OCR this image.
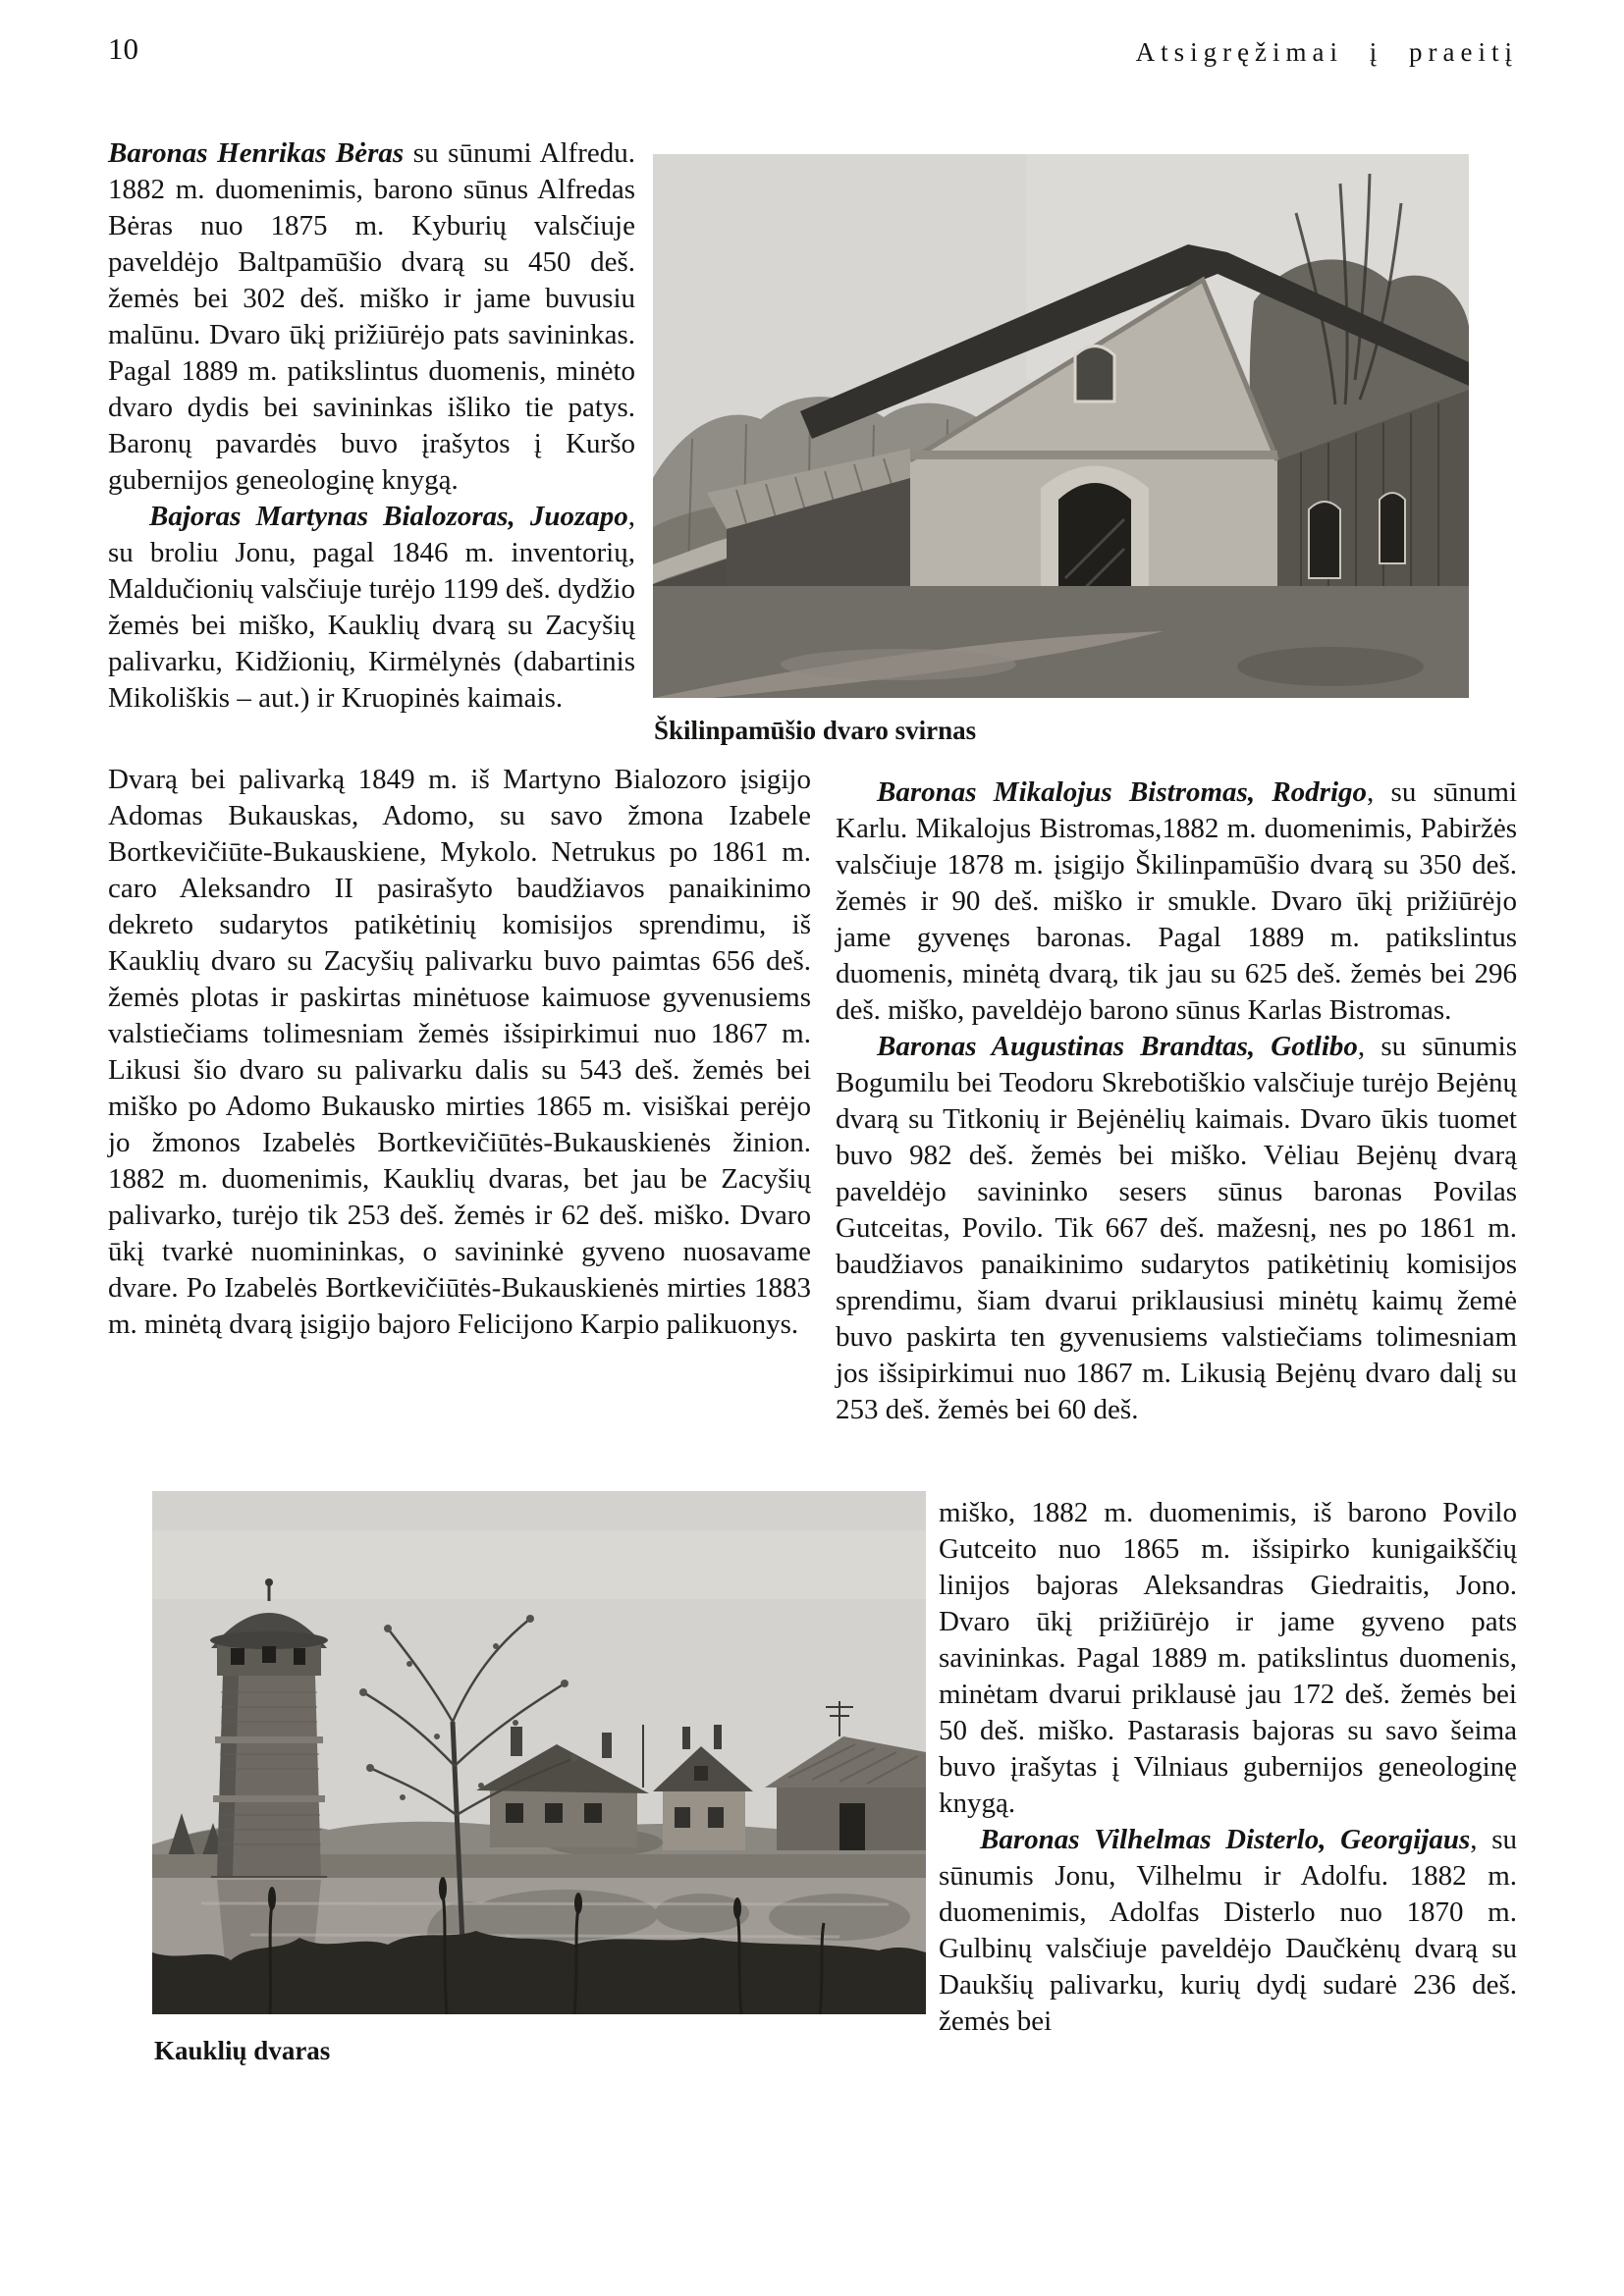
10	Atsigręžimai į praeitį
Škilinpamūšio dvaro svirnas

Baronas Henrikas Bėras su sūnumi Alfredu. 1882 m. duomenimis, barono sūnus Alfredas Bėras nuo 1875 m. Kyburių valsčiuje paveldėjo Baltpamūšio dvarą su 450 deš. žemės bei 302 deš. miško ir jame buvusiu malūnu. Dvaro ūkį prižiūrėjo pats savininkas. Pagal 1889 m. patikslintus duomenis, minėto dvaro dydis bei savininkas išliko tie patys. Baronų pavardės buvo įrašytos į Kuršo gubernijos geneologinę knygą.

Bajoras Martynas Bialozoras, Juozapo, su broliu Jonu, pagal 1846 m. inventorių, Maldučionių valsčiuje turėjo 1199 deš. dydžio žemės bei miško, Kauklių dvarą su Zacyšių palivarku, Kidžionių, Kirmėlynės (dabartinis Mikoliškis – aut.) ir Kruopinės kaimais.

Dvarą bei palivarką 1849 m. iš Martyno Bialozoro įsigijo Adomas Bukauskas, Adomo, su savo žmona Izabele Bortkevičiūte-Bukauskiene, Mykolo. Netrukus po 1861 m. caro Aleksandro II pasirašyto baudžiavos panaikinimo dekreto sudarytos patikėtinių komisijos sprendimu, iš Kauklių dvaro su Zacyšių palivarku buvo paimtas 656 deš. žemės plotas ir paskirtas minėtuose kaimuose gyvenusiems valstiečiams tolimesniam žemės išsipirkimui nuo 1867 m. Likusi šio dvaro su palivarku dalis su 543 deš. žemės bei miško po Adomo Bukausko mirties 1865 m. visiškai perėjo jo žmonos Izabelės Bortkevičiūtės-Bukauskienės žinion. 1882 m. duomenimis, Kauklių dvaras, bet jau be Zacyšių palivarko, turėjo tik 253 deš. žemės ir 62 deš. miško. Dvaro ūkį tvarkė nuomininkas, o savininkė gyveno nuosavame dvare. Po Izabelės Bortkevičiūtės-Bukauskienės mirties 1883 m. minėtą dvarą įsigijo bajoro Felicijono Karpio palikuonys.

Baronas Mikalojus Bistromas, Rodrigo, su sūnumi Karlu. Mikalojus Bistromas,1882 m. duomenimis, Pabiržės valsčiuje 1878 m. įsigijo Škilinpamūšio dvarą su 350 deš. žemės ir 90 deš. miško ir smukle. Dvaro ūkį prižiūrėjo jame gyvenęs baronas. Pagal 1889 m. patikslintus duomenis, minėtą dvarą, tik jau su 625 deš. žemės bei 296 deš. miško, paveldėjo barono sūnus Karlas Bistromas.

Baronas Augustinas Brandtas, Gotlibo, su sūnumis Bogumilu bei Teodoru Skrebotiškio valsčiuje turėjo Bejėnų dvarą su Titkonių ir Bejėnėlių kaimais. Dvaro ūkis tuomet buvo 982 deš. žemės bei miško. Vėliau Bejėnų dvarą paveldėjo savininko sesers sūnus baronas Povilas Gutceitas, Povilo. Tik 667 deš. mažesnį, nes po 1861 m. baudžiavos panaikinimo sudarytos patikėtinių komisijos sprendimu, šiam dvarui priklausiusi minėtų kaimų žemė buvo paskirta ten gyvenusiems valstiečiams tolimesniam jos išsipirkimui nuo 1867 m. Likusią Bejėnų dvaro dalį su 253 deš. žemės bei 60 deš.

miško, 1882 m. duomenimis, iš barono Povilo Gutceito nuo 1865 m. išsipirko kunigaikščių linijos bajoras Aleksandras Giedraitis, Jono. Dvaro ūkį prižiūrėjo ir jame gyveno pats savininkas. Pagal 1889 m. patikslintus duomenis, minėtam dvarui priklausė jau 172 deš. žemės bei 50 deš. miško. Pastarasis bajoras su savo šeima buvo įrašytas į Vilniaus gubernijos geneologinę knygą.

Baronas Vilhelmas Disterlo, Georgijaus, su sūnumis Jonu, Vilhelmu ir Adolfu. 1882 m. duomenimis, Adolfas Disterlo nuo 1870 m. Gulbinų valsčiuje paveldėjo Daučkėnų dvarą su Daukšių palivarku, kurių dydį sudarė 236 deš. žemės bei

Kauklių dvaras
